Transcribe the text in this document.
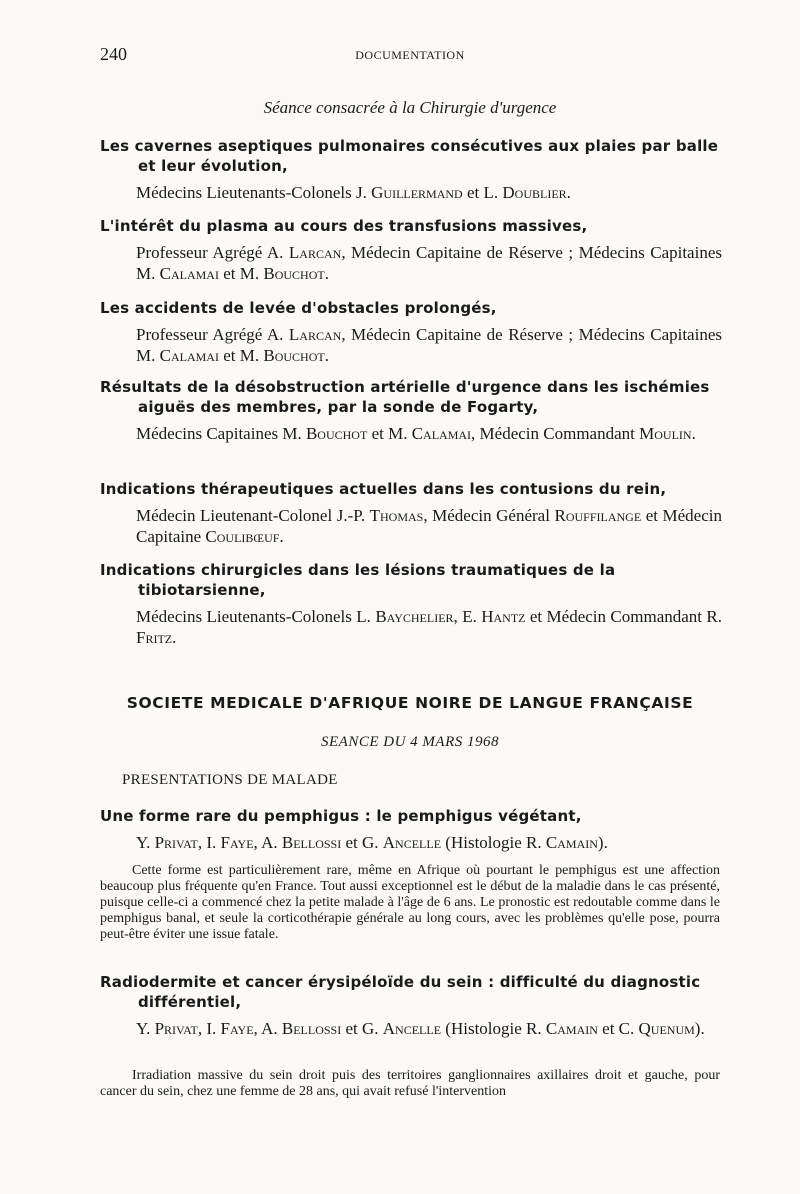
240	DOCUMENTATION
Séance consacrée à la Chirurgie d'urgence
Les cavernes aseptiques pulmonaires consécutives aux plaies par balle et leur évolution,
Médecins Lieutenants-Colonels J. Guillermand et L. Doublier.
L'intérêt du plasma au cours des transfusions massives,
Professeur Agrégé A. Larcan, Médecin Capitaine de Réserve ; Médecins Capitaines M. Calamai et M. Bouchot.
Les accidents de levée d'obstacles prolongés,
Professeur Agrégé A. Larcan, Médecin Capitaine de Réserve ; Médecins Capitaines M. Calamai et M. Bouchot.
Résultats de la désobstruction artérielle d'urgence dans les ischémies aiguës des membres, par la sonde de Fogarty,
Médecins Capitaines M. Bouchot et M. Calamai, Médecin Commandant Moulin.
Indications thérapeutiques actuelles dans les contusions du rein,
Médecin Lieutenant-Colonel J.-P. Thomas, Médecin Général Rouffilange et Médecin Capitaine Coulibœuf.
Indications chirurgicles dans les lésions traumatiques de la tibiotarsienne,
Médecins Lieutenants-Colonels L. Baychelier, E. Hantz et Médecin Commandant R. Fritz.
SOCIETE MEDICALE D'AFRIQUE NOIRE DE LANGUE FRANÇAISE
SEANCE DU 4 MARS 1968
PRESENTATIONS DE MALADE
Une forme rare du pemphigus : le pemphigus végétant,
Y. Privat, I. Faye, A. Bellossi et G. Ancelle (Histologie R. Camain).
Cette forme est particulièrement rare, même en Afrique où pourtant le pemphigus est une affection beaucoup plus fréquente qu'en France. Tout aussi exceptionnel est le début de la maladie dans le cas présenté, puisque celle-ci a commencé chez la petite malade à l'âge de 6 ans. Le pronostic est redoutable comme dans le pemphigus banal, et seule la corticothérapie générale au long cours, avec les problèmes qu'elle pose, pourra peut-être éviter une issue fatale.
Radiodermite et cancer érysipéloïde du sein : difficulté du diagnostic différentiel,
Y. Privat, I. Faye, A. Bellossi et G. Ancelle (Histologie R. Camain et C. Quenum).
Irradiation massive du sein droit puis des territoires ganglionnaires axillaires droit et gauche, pour cancer du sein, chez une femme de 28 ans, qui avait refusé l'intervention
